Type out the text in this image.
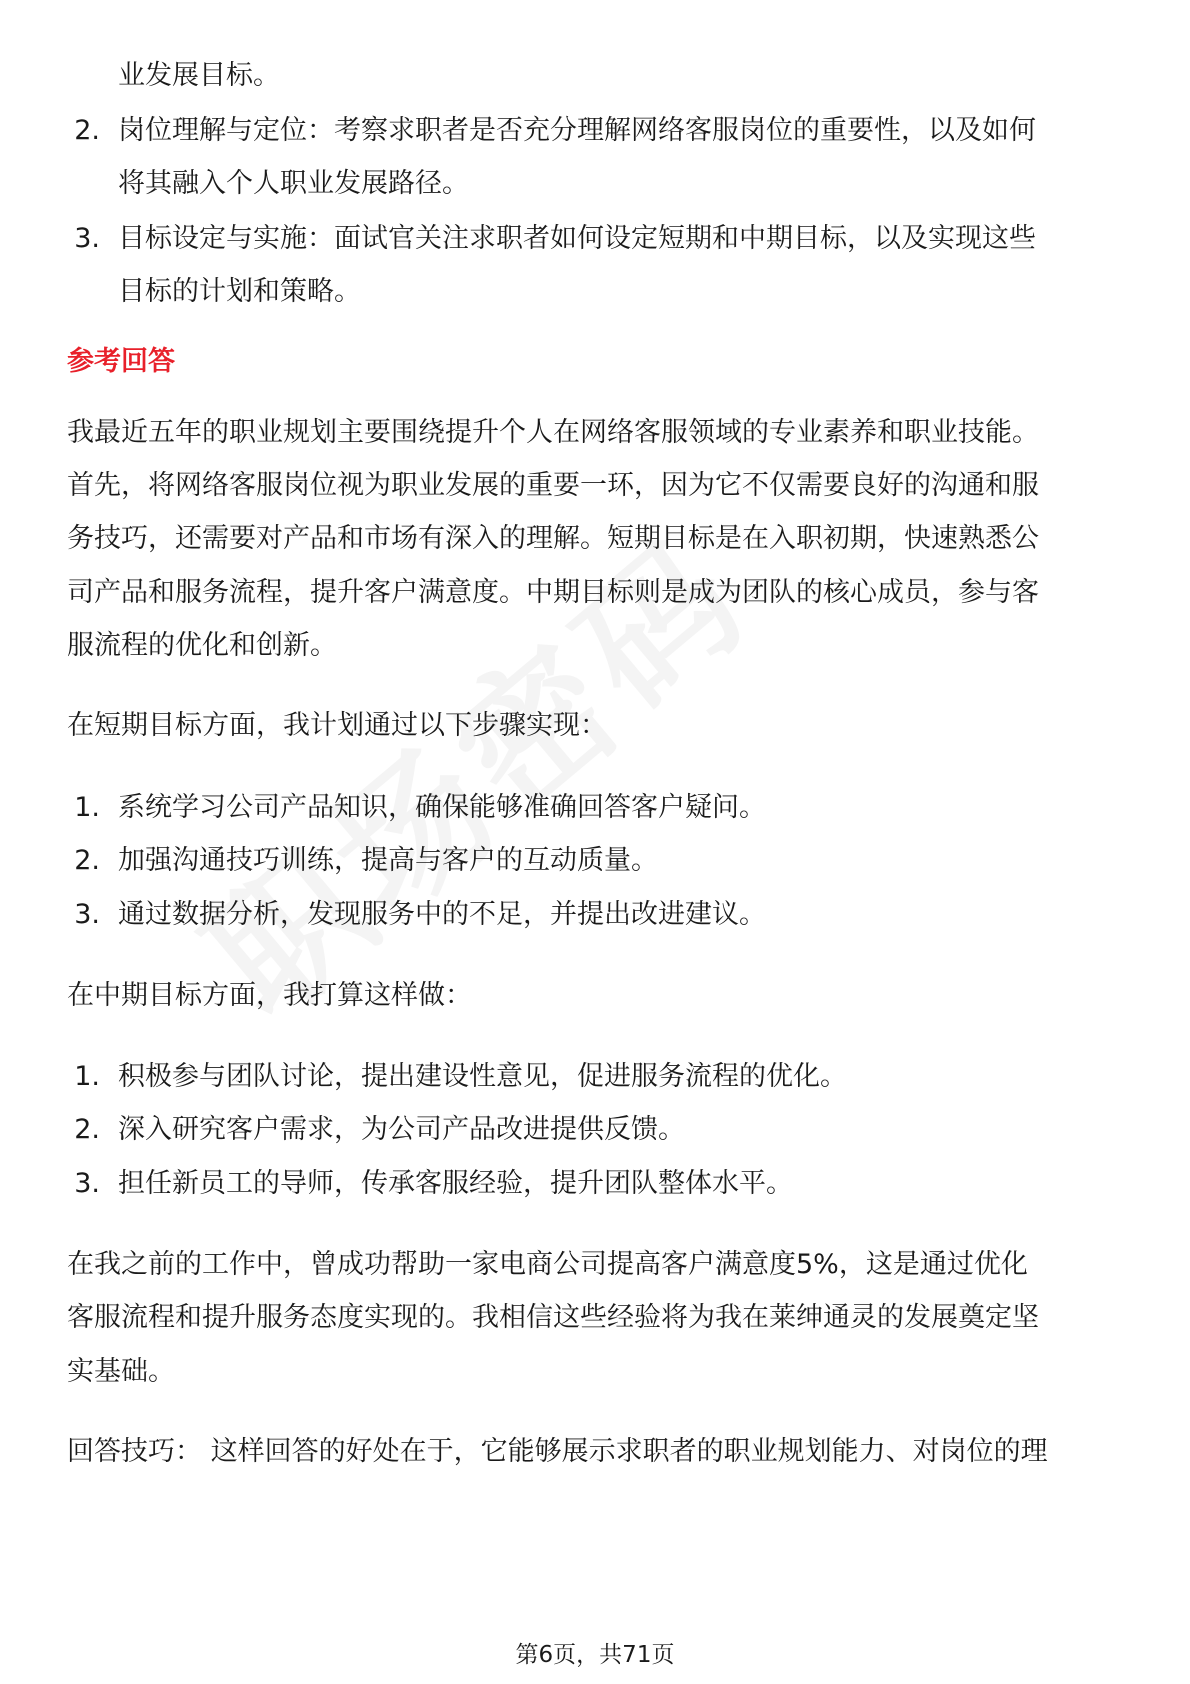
业发展目标。
2. 岗位理解与定位：考察求职者是否充分理解网络客服岗位的重要性，以及如何
将其融入个人职业发展路径。
3. 目标设定与实施：面试官关注求职者如何设定短期和中期目标，以及实现这些
目标的计划和策略。
参考回答
我最近五年的职业规划主要围绕提升个人在网络客服领域的专业素养和职业技能。
首先，将网络客服岗位视为职业发展的重要一环，因为它不仅需要良好的沟通和服
务技巧，还需要对产品和市场有深入的理解。短期目标是在入职初期，快速熟悉公
司产品和服务流程，提升客户满意度。中期目标则是成为团队的核心成员，参与客
服流程的优化和创新。
在短期目标方面，我计划通过以下步骤实现：
1. 系统学习公司产品知识，确保能够准确回答客户疑问。
2. 加强沟通技巧训练，提高与客户的互动质量。
3. 通过数据分析，发现服务中的不足，并提出改进建议。
在中期目标方面，我打算这样做：
1. 积极参与团队讨论，提出建设性意见，促进服务流程的优化。
2. 深入研究客户需求，为公司产品改进提供反馈。
3. 担任新员工的导师，传承客服经验，提升团队整体水平。
在我之前的工作中，曾成功帮助一家电商公司提高客户满意度5%，这是通过优化
客服流程和提升服务态度实现的。我相信这些经验将为我在莱绅通灵的发展奠定坚
实基础。
回答技巧： 这样回答的好处在于，它能够展示求职者的职业规划能力、对岗位的理
第6页，共71页
